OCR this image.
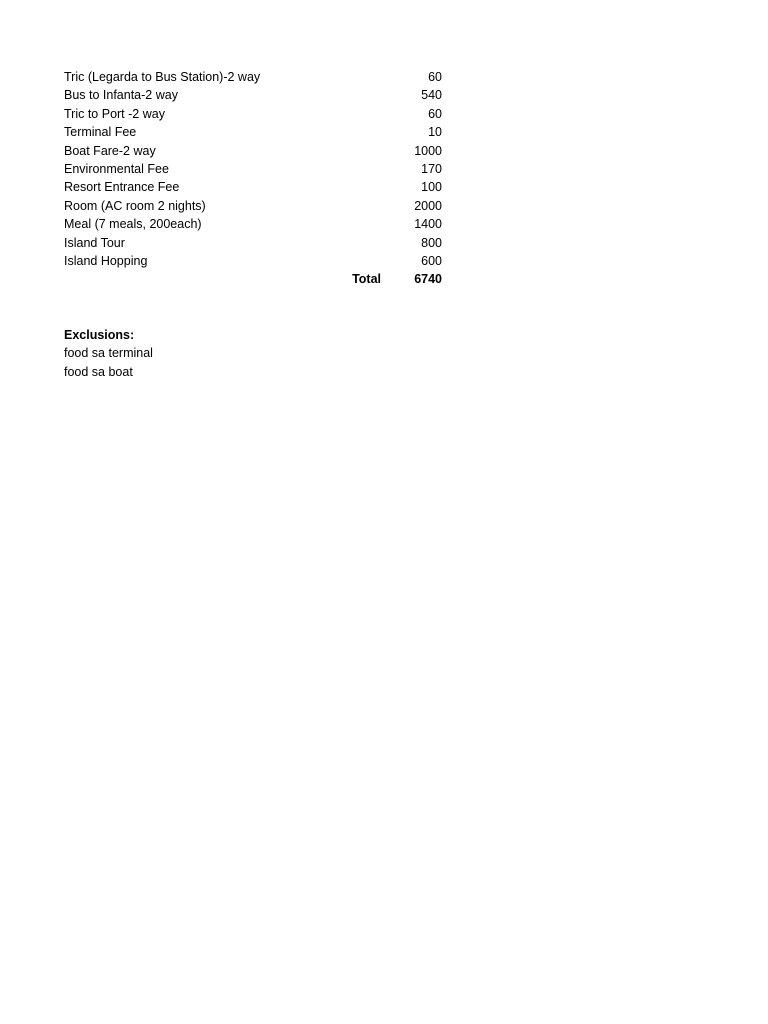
Tric (Legarda to Bus Station)-2 way	60
Bus to Infanta-2 way	540
Tric to Port -2 way	60
Terminal Fee	10
Boat Fare-2 way	1000
Environmental Fee	170
Resort Entrance Fee	100
Room (AC room 2 nights)	2000
Meal (7 meals, 200each)	1400
Island Tour	800
Island Hopping	600
Total	6740
Exclusions:
food sa terminal
food sa boat
